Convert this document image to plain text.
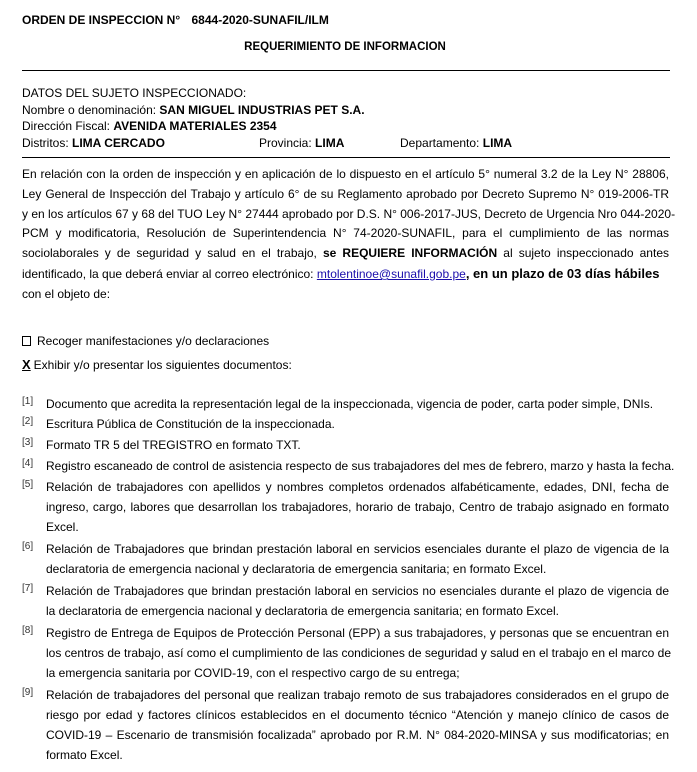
ORDEN DE INSPECCION N° 6844-2020-SUNAFIL/ILM
REQUERIMIENTO DE INFORMACION
DATOS DEL SUJETO INSPECCIONADO:
Nombre o denominación: SAN MIGUEL INDUSTRIAS PET S.A.
Dirección Fiscal: AVENIDA MATERIALES 2354
Distritos: LIMA CERCADO	Provincia: LIMA	Departamento: LIMA
En relación con la orden de inspección y en aplicación de lo dispuesto en el artículo 5° numeral 3.2 de la Ley N° 28806,
Ley General de Inspección del Trabajo y artículo 6° de su Reglamento aprobado por Decreto Supremo N° 019-2006-TR
y en los artículos 67 y 68 del TUO Ley N° 27444 aprobado por D.S. N° 006-2017-JUS, Decreto de Urgencia Nro 044-2020-
PCM y modificatoria, Resolución de Superintendencia N° 74-2020-SUNAFIL, para el cumplimiento de las normas
sociolaborales y de seguridad y salud en el trabajo, se REQUIERE INFORMACIÓN al sujeto inspeccionado antes
identificado, la que deberá enviar al correo electrónico: mtolentinoe@sunafil.gob.pe, en un plazo de 03 días hábiles
con el objeto de:
Recoger manifestaciones y/o declaraciones
X Exhibir y/o presentar los siguientes documentos:
[1] Documento que acredita la representación legal de la inspeccionada, vigencia de poder, carta poder simple, DNIs.
[2] Escritura Pública de Constitución de la inspeccionada.
[3] Formato TR 5 del TREGISTRO en formato TXT.
[4] Registro escaneado de control de asistencia respecto de sus trabajadores del mes de febrero, marzo y hasta la fecha.
[5] Relación de trabajadores con apellidos y nombres completos ordenados alfabéticamente, edades, DNI, fecha de
ingreso, cargo, labores que desarrollan los trabajadores, horario de trabajo, Centro de trabajo asignado en formato
Excel.
[6] Relación de Trabajadores que brindan prestación laboral en servicios esenciales durante el plazo de vigencia de la
declaratoria de emergencia nacional y declaratoria de emergencia sanitaria; en formato Excel.
[7] Relación de Trabajadores que brindan prestación laboral en servicios no esenciales durante el plazo de vigencia de
la declaratoria de emergencia nacional y declaratoria de emergencia sanitaria; en formato Excel.
[8] Registro de Entrega de Equipos de Protección Personal (EPP) a sus trabajadores, y personas que se encuentran en
los centros de trabajo, así como el cumplimiento de las condiciones de seguridad y salud en el trabajo en el marco de
la emergencia sanitaria por COVID-19, con el respectivo cargo de su entrega;
[9] Relación de trabajadores del personal que realizan trabajo remoto de sus trabajadores considerados en el grupo de
riesgo por edad y factores clínicos establecidos en el documento técnico “Atención y manejo clínico de casos de
COVID-19 – Escenario de transmisión focalizada” aprobado por R.M. N° 084-2020-MINSA y sus modificatorias; en
formato Excel.
